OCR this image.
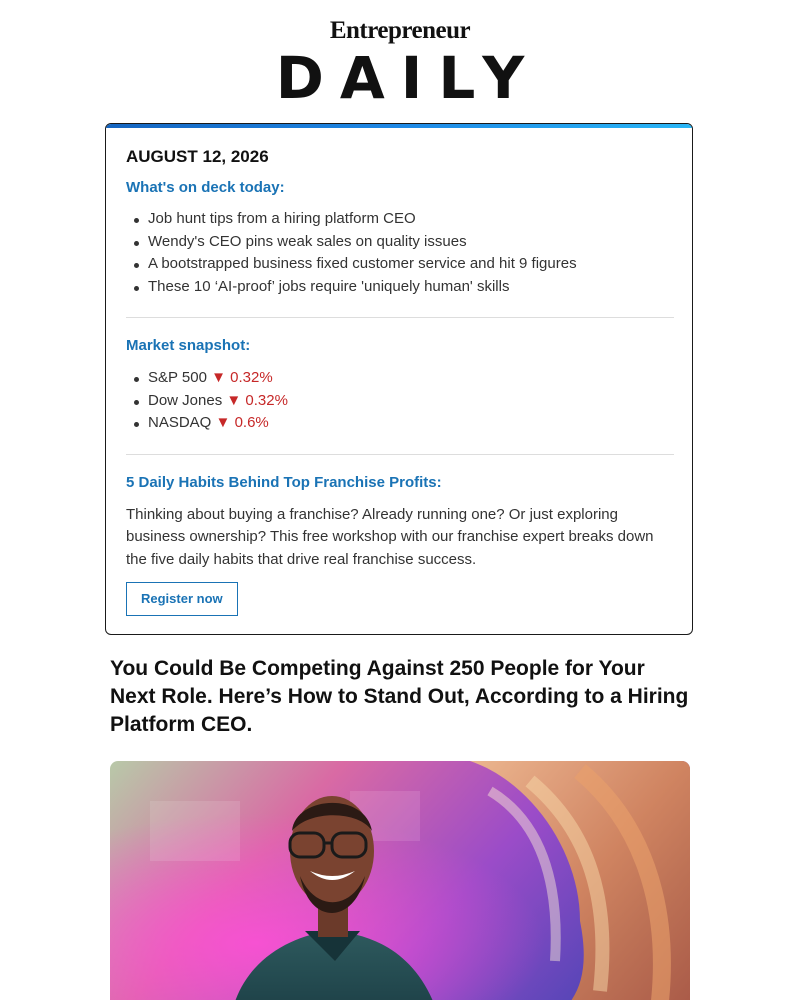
Entrepreneur
DAILY
AUGUST 12, 2026
What's on deck today:
Job hunt tips from a hiring platform CEO
Wendy's CEO pins weak sales on quality issues
A bootstrapped business fixed customer service and hit 9 figures
These 10 ‘AI-proof’ jobs require 'uniquely human' skills
Market snapshot:
S&P 500 ▼ 0.32%
Dow Jones ▼ 0.32%
NASDAQ ▼ 0.6%
5 Daily Habits Behind Top Franchise Profits:
Thinking about buying a franchise? Already running one? Or just exploring business ownership? This free workshop with our franchise expert breaks down the five daily habits that drive real franchise success.
Register now
You Could Be Competing Against 250 People for Your Next Role. Here’s How to Stand Out, According to a Hiring Platform CEO.
